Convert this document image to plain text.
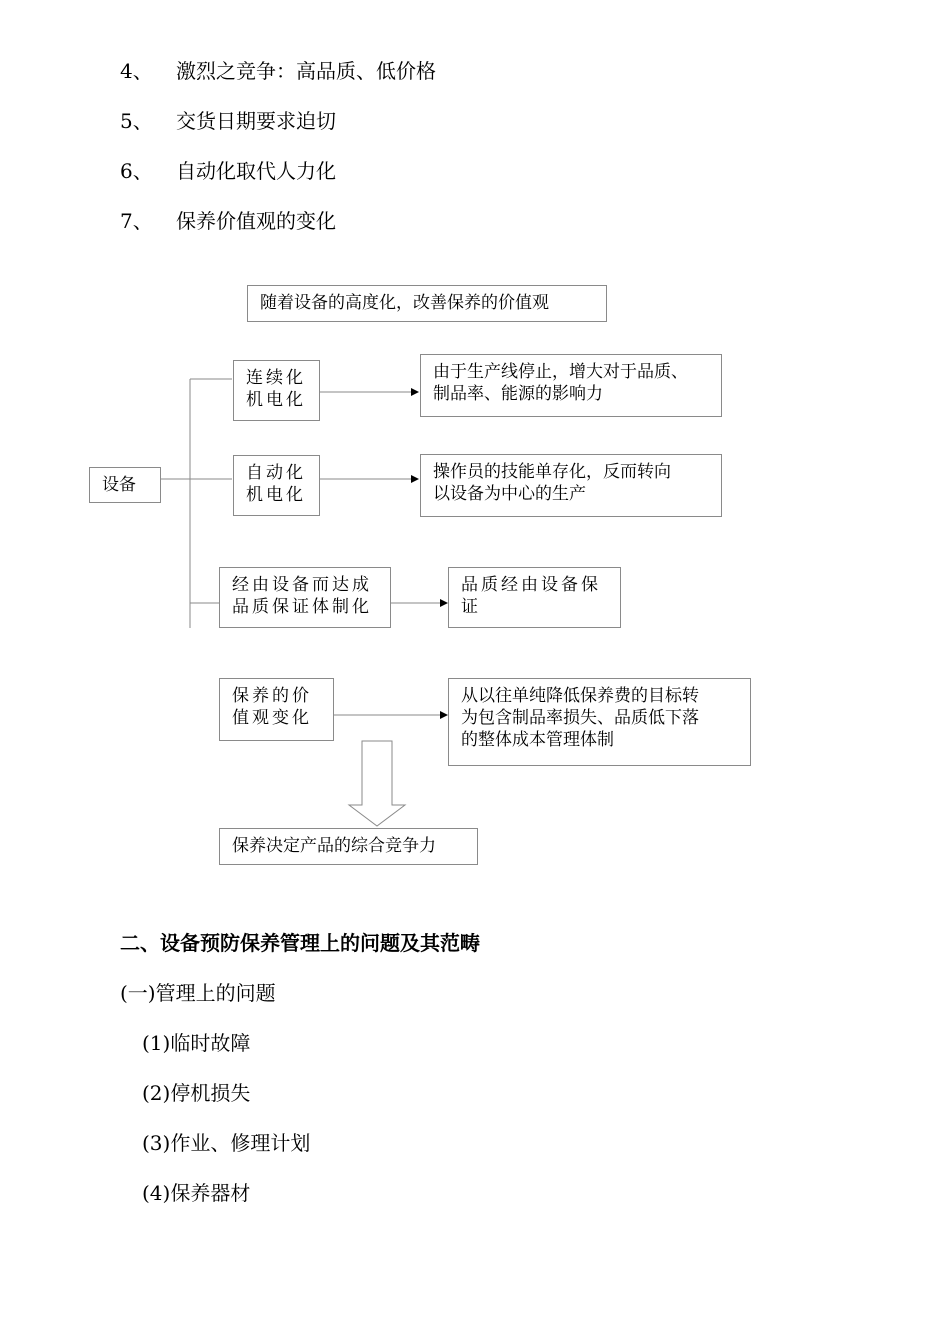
4、 激烈之竞争：高品质、低价格
5、 交货日期要求迫切
6、 自动化取代人力化
7、 保养价值观的变化
随着设备的高度化，改善保养的价值观
设备
连续化
机电化
由于生产线停止，增大对于品质、
制品率、能源的影响力
自动化
机电化
操作员的技能单存化，反而转向
以设备为中心的生产
经由设备而达成
品质保证体制化
品质经由设备保
证
保养的价
值观变化
从以往单纯降低保养费的目标转
为包含制品率损失、品质低下落
的整体成本管理体制
保养决定产品的综合竞争力
二、设备预防保养管理上的问题及其范畴
(一)管理上的问题
(1)临时故障
(2)停机损失
(3)作业、修理计划
(4)保养器材
